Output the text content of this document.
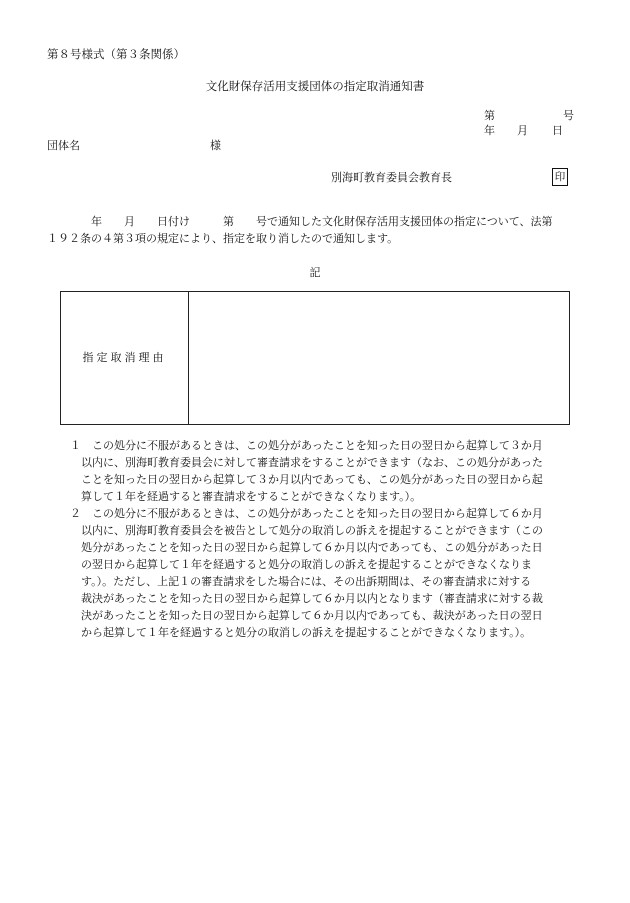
第８号様式（第３条関係）
文化財保存活用支援団体の指定取消通知書
第	号
年 月 日
団体名	様
別海町教育委員会教育長	印
　　　　年　　月　　日付け　　　第　　号で通知した文化財保存活用支援団体の指定について、法第
１９２条の４第３項の規定により、指定を取り消したので通知します。
記
指定取消理由
１　この処分に不服があるときは、この処分があったことを知った日の翌日から起算して３か月
　以内に、別海町教育委員会に対して審査請求をすることができます（なお、この処分があった
　ことを知った日の翌日から起算して３か月以内であっても、この処分があった日の翌日から起
　算して１年を経過すると審査請求をすることができなくなります。）。
２　この処分に不服があるときは、この処分があったことを知った日の翌日から起算して６か月
　以内に、別海町教育委員会を被告として処分の取消しの訴えを提起することができます（この
　処分があったことを知った日の翌日から起算して６か月以内であっても、この処分があった日
　の翌日から起算して１年を経過すると処分の取消しの訴えを提起することができなくなりま
　す。）。ただし、上記１の審査請求をした場合には、その出訴期間は、その審査請求に対する
　裁決があったことを知った日の翌日から起算して６か月以内となります（審査請求に対する裁
　決があったことを知った日の翌日から起算して６か月以内であっても、裁決があった日の翌日
　から起算して１年を経過すると処分の取消しの訴えを提起することができなくなります。）。
